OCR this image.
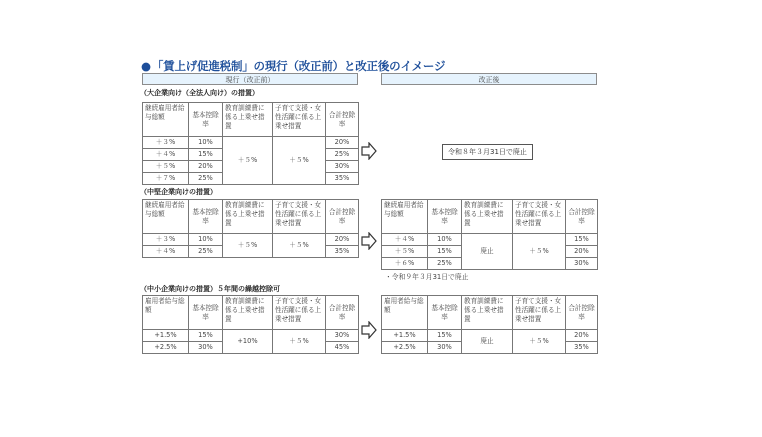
●「賃上げ促進税制」の現行（改正前）と改正後のイメージ
現行（改正前）	改正後
（大企業向け（全法人向け）の措置）
継続雇用者給与総額	基本控除率	教育訓練費に係る上乗せ措置	子育て支援・女性活躍に係る上乗せ措置	合計控除率
＋３%	10%	＋５%	＋５%	20%
＋４%	15%			25%
＋５%	20%			30%
＋７%	25%			35%
令和８年３月31日で廃止
（中堅企業向けの措置）
継続雇用者給与総額	基本控除率	教育訓練費に係る上乗せ措置	子育て支援・女性活躍に係る上乗せ措置	合計控除率
＋３%	10%	＋５%	＋５%	20%
＋４%	25%			35%
継続雇用者給与総額	基本控除率	教育訓練費に係る上乗せ措置	子育て支援・女性活躍に係る上乗せ措置	合計控除率
＋４%	10%	廃止	＋５%	15%
＋５%	15%			20%
＋６%	25%			30%
・令和９年３月31日で廃止
（中小企業向けの措置）５年間の繰越控除可
雇用者給与総額	基本控除率	教育訓練費に係る上乗せ措置	子育て支援・女性活躍に係る上乗せ措置	合計控除率
+1.5%	15%	+10%	＋５%	30%
+2.5%	30%			45%
雇用者給与総額	基本控除率	教育訓練費に係る上乗せ措置	子育て支援・女性活躍に係る上乗せ措置	合計控除率
+1.5%	15%	廃止	＋５%	20%
+2.5%	30%			35%
